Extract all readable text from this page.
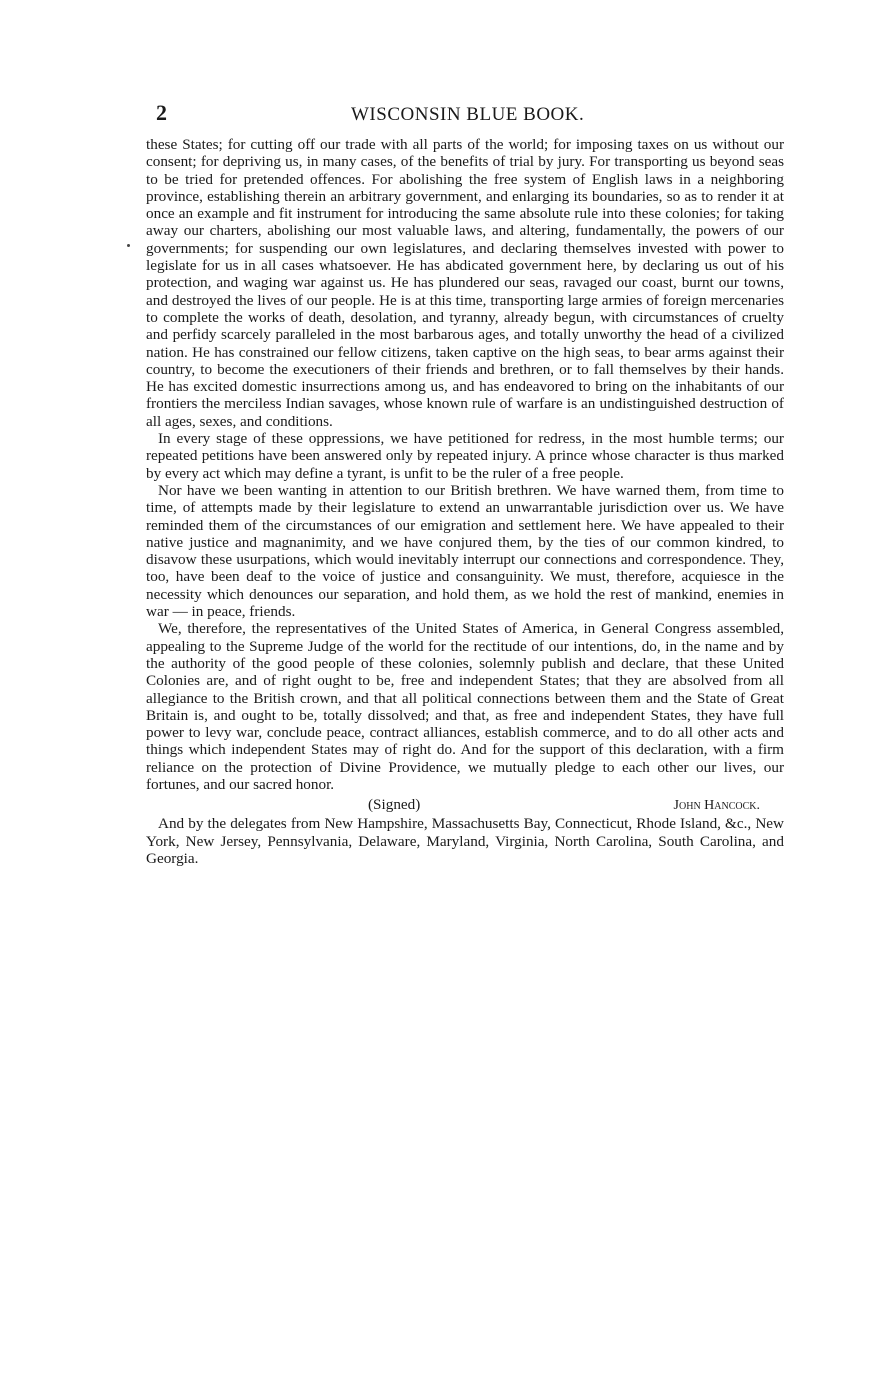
2	WISCONSIN BLUE BOOK.

these States; for cutting off our trade with all parts of the world; for imposing taxes on us without our consent; for depriving us, in many cases, of the benefits of trial by jury. For transporting us beyond seas to be tried for pretended offences. For abolishing the free system of English laws in a neighboring province, establishing therein an arbitrary government, and enlarging its boundaries, so as to render it at once an example and fit instrument for introducing the same absolute rule into these colonies; for taking away our charters, abolishing our most valuable laws, and altering, fundamentally, the powers of our governments; for suspending our own legislatures, and declaring themselves invested with power to legislate for us in all cases whatsoever. He has abdicated government here, by declaring us out of his protection, and waging war against us. He has plundered our seas, ravaged our coast, burnt our towns, and destroyed the lives of our people. He is at this time, transporting large armies of foreign mercenaries to complete the works of death, desolation, and tyranny, already begun, with circumstances of cruelty and perfidy scarcely paralleled in the most barbarous ages, and totally unworthy the head of a civilized nation. He has constrained our fellow citizens, taken captive on the high seas, to bear arms against their country, to become the executioners of their friends and brethren, or to fall themselves by their hands. He has excited domestic insurrections among us, and has endeavored to bring on the inhabitants of our frontiers the merciless Indian savages, whose known rule of warfare is an undistinguished destruction of all ages, sexes, and conditions.

In every stage of these oppressions, we have petitioned for redress, in the most humble terms; our repeated petitions have been answered only by repeated injury. A prince whose character is thus marked by every act which may define a tyrant, is unfit to be the ruler of a free people.

Nor have we been wanting in attention to our British brethren. We have warned them, from time to time, of attempts made by their legislature to extend an unwarrantable jurisdiction over us. We have reminded them of the circumstances of our emigration and settlement here. We have appealed to their native justice and magnanimity, and we have conjured them, by the ties of our common kindred, to disavow these usurpations, which would inevitably interrupt our connections and correspondence. They, too, have been deaf to the voice of justice and consanguinity. We must, therefore, acquiesce in the necessity which denounces our separation, and hold them, as we hold the rest of mankind, enemies in war — in peace, friends.

We, therefore, the representatives of the United States of America, in General Congress assembled, appealing to the Supreme Judge of the world for the rectitude of our intentions, do, in the name and by the authority of the good people of these colonies, solemnly publish and declare, that these United Colonies are, and of right ought to be, free and independent States; that they are absolved from all allegiance to the British crown, and that all political connections between them and the State of Great Britain is, and ought to be, totally dissolved; and that, as free and independent States, they have full power to levy war, conclude peace, contract alliances, establish commerce, and to do all other acts and things which independent States may of right do. And for the support of this declaration, with a firm reliance on the protection of Divine Providence, we mutually pledge to each other our lives, our fortunes, and our sacred honor.

(Signed)	John Hancock.

And by the delegates from New Hampshire, Massachusetts Bay, Connecticut, Rhode Island, &c., New York, New Jersey, Pennsylvania, Delaware, Maryland, Virginia, North Carolina, South Carolina, and Georgia.
